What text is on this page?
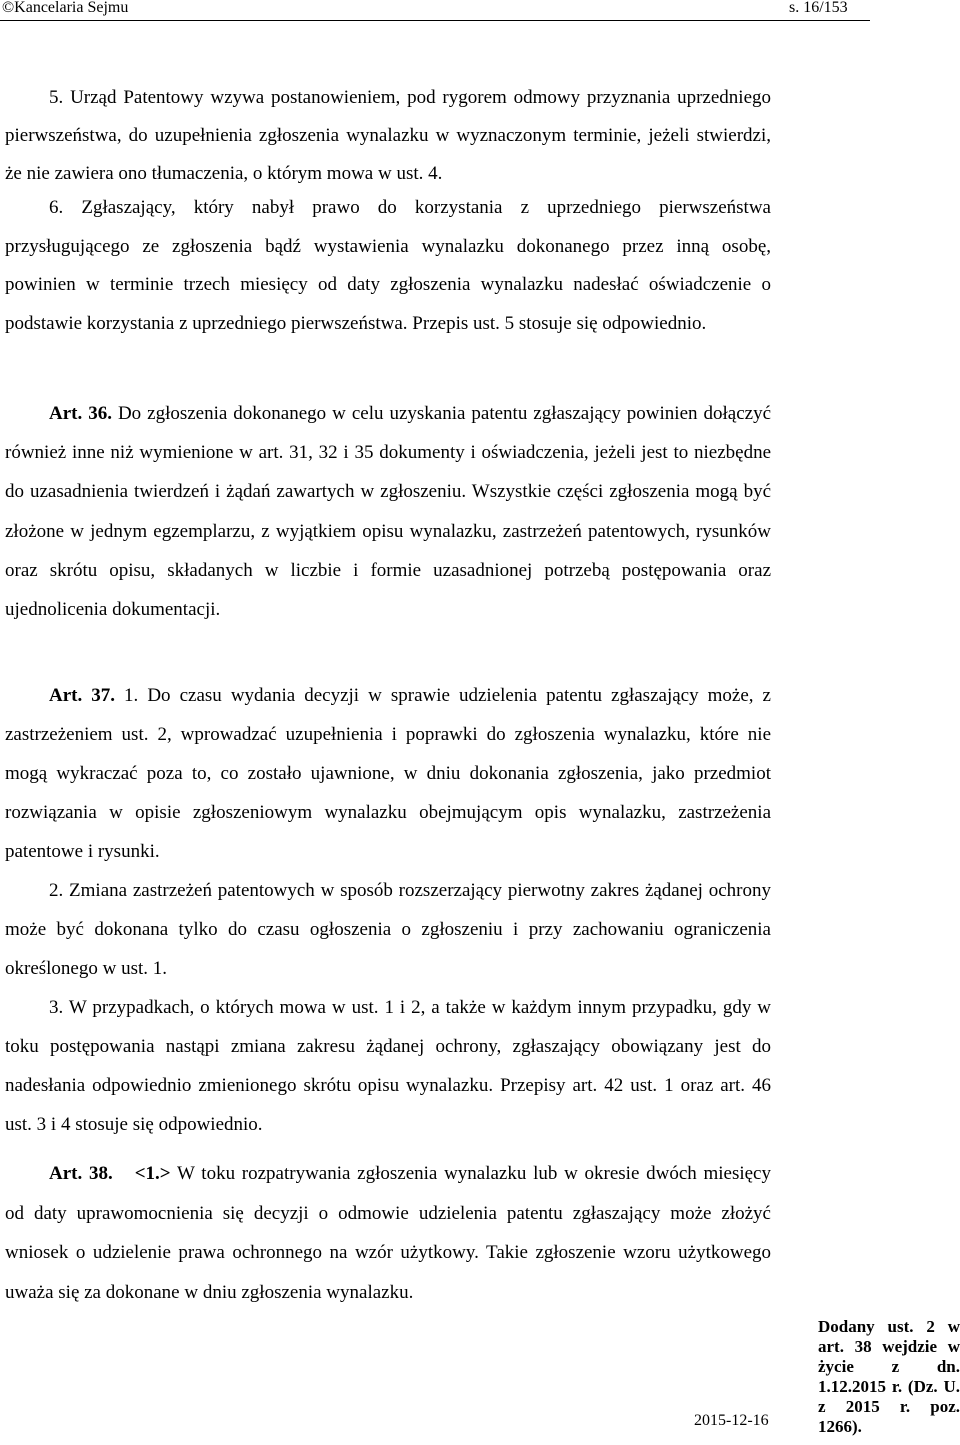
©Kancelaria Sejmu	s. 16/153

5. Urząd Patentowy wzywa postanowieniem, pod rygorem odmowy przyznania uprzedniego pierwszeństwa, do uzupełnienia zgłoszenia wynalazku w wyznaczonym terminie, jeżeli stwierdzi, że nie zawiera ono tłumaczenia, o którym mowa w ust. 4.

6. Zgłaszający, który nabył prawo do korzystania z uprzedniego pierwszeństwa przysługującego ze zgłoszenia bądź wystawienia wynalazku dokonanego przez inną osobę, powinien w terminie trzech miesięcy od daty zgłoszenia wynalazku nadesłać oświadczenie o podstawie korzystania z uprzedniego pierwszeństwa. Przepis ust. 5 stosuje się odpowiednio.

Art. 36. Do zgłoszenia dokonanego w celu uzyskania patentu zgłaszający powinien dołączyć również inne niż wymienione w art. 31, 32 i 35 dokumenty i oświadczenia, jeżeli jest to niezbędne do uzasadnienia twierdzeń i żądań zawartych w zgłoszeniu. Wszystkie części zgłoszenia mogą być złożone w jednym egzemplarzu, z wyjątkiem opisu wynalazku, zastrzeżeń patentowych, rysunków oraz skrótu opisu, składanych w liczbie i formie uzasadnionej potrzebą postępowania oraz ujednolicenia dokumentacji.

Art. 37. 1. Do czasu wydania decyzji w sprawie udzielenia patentu zgłaszający może, z zastrzeżeniem ust. 2, wprowadzać uzupełnienia i poprawki do zgłoszenia wynalazku, które nie mogą wykraczać poza to, co zostało ujawnione, w dniu dokonania zgłoszenia, jako przedmiot rozwiązania w opisie zgłoszeniowym wynalazku obejmującym opis wynalazku, zastrzeżenia patentowe i rysunki.

2. Zmiana zastrzeżeń patentowych w sposób rozszerzający pierwotny zakres żądanej ochrony może być dokonana tylko do czasu ogłoszenia o zgłoszeniu i przy zachowaniu ograniczenia określonego w ust. 1.

3. W przypadkach, o których mowa w ust. 1 i 2, a także w każdym innym przypadku, gdy w toku postępowania nastąpi zmiana zakresu żądanej ochrony, zgłaszający obowiązany jest do nadesłania odpowiednio zmienionego skrótu opisu wynalazku. Przepisy art. 42 ust. 1 oraz art. 46 ust. 3 i 4 stosuje się odpowiednio.

Art. 38. <1.> W toku rozpatrywania zgłoszenia wynalazku lub w okresie dwóch miesięcy od daty uprawomocnienia się decyzji o odmowie udzielenia patentu zgłaszający może złożyć wniosek o udzielenie prawa ochronnego na wzór użytkowy. Takie zgłoszenie wzoru użytkowego uważa się za dokonane w dniu zgłoszenia wynalazku.

Dodany ust. 2 w art. 38 wejdzie w życie z dn. 1.12.2015 r. (Dz. U. z 2015 r. poz. 1266).
2015-12-16
